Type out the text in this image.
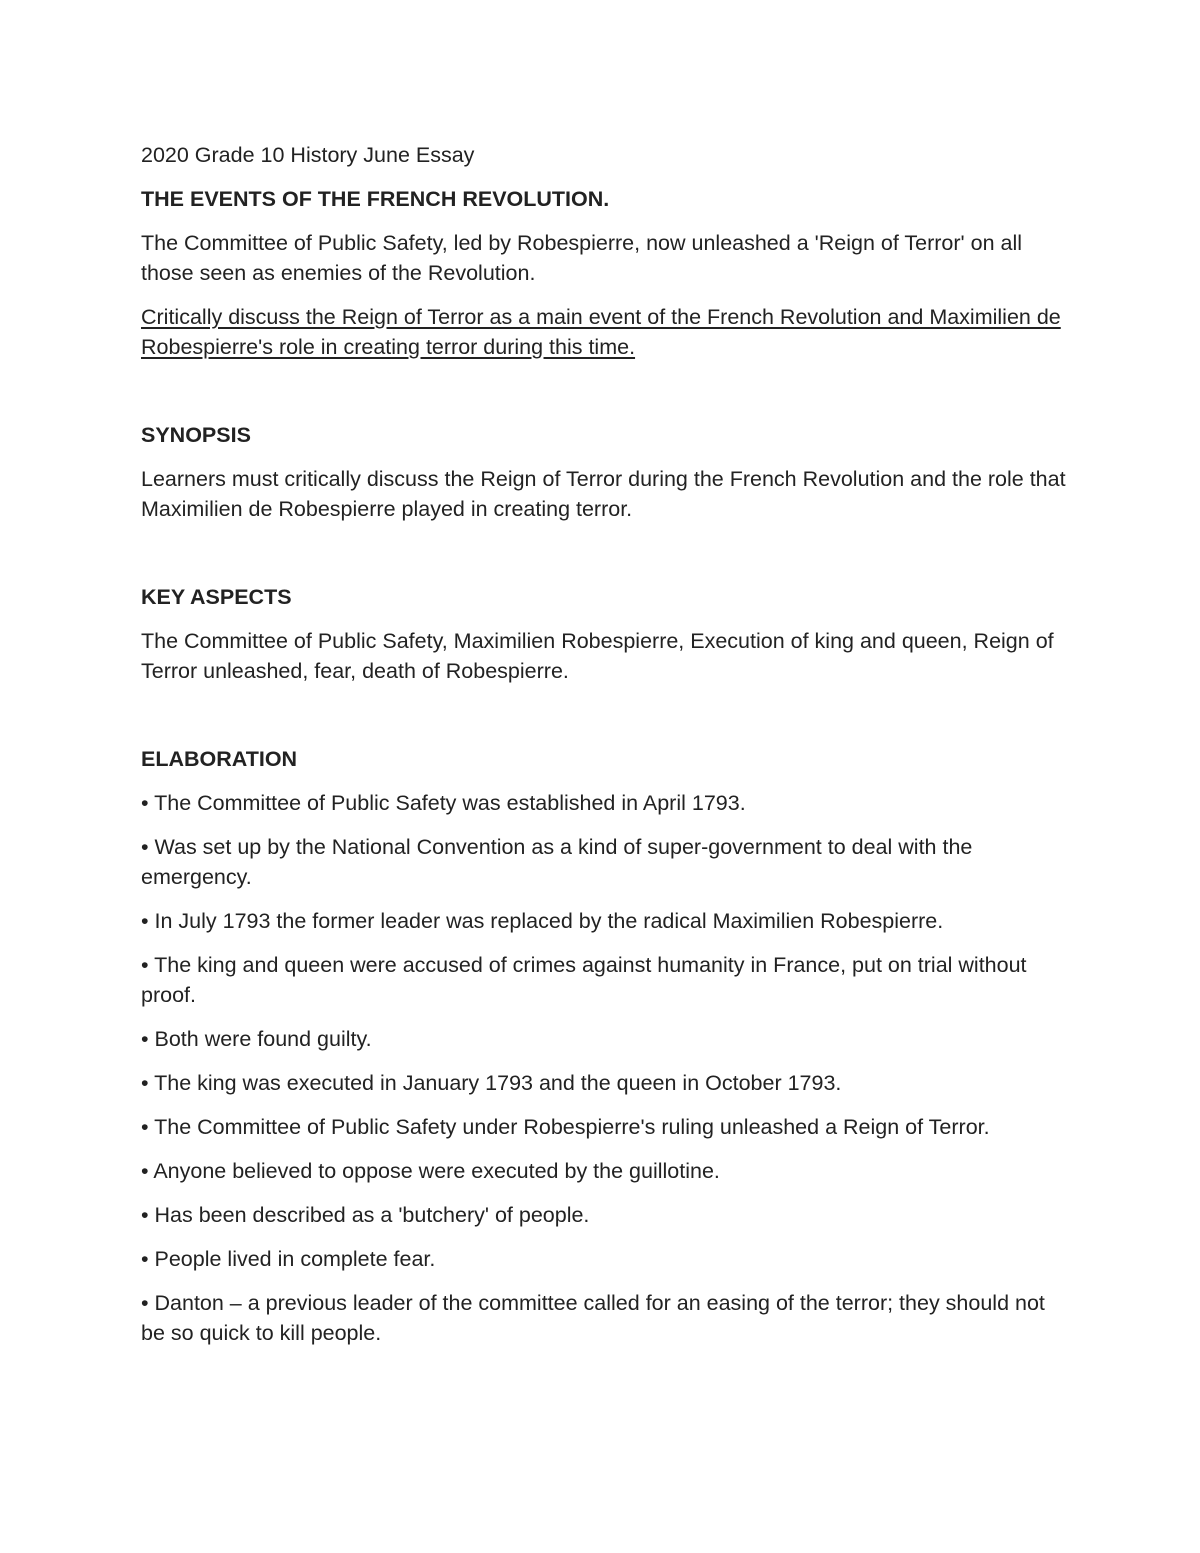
2020 Grade 10 History June Essay

THE EVENTS OF THE FRENCH REVOLUTION.

The Committee of Public Safety, led by Robespierre, now unleashed a 'Reign of Terror' on all those seen as enemies of the Revolution.

Critically discuss the Reign of Terror as a main event of the French Revolution and Maximilien de Robespierre's role in creating terror during this time.

SYNOPSIS

Learners must critically discuss the Reign of Terror during the French Revolution and the role that Maximilien de Robespierre played in creating terror.

KEY ASPECTS

The Committee of Public Safety, Maximilien Robespierre, Execution of king and queen, Reign of Terror unleashed, fear, death of Robespierre.

ELABORATION

• The Committee of Public Safety was established in April 1793.
• Was set up by the National Convention as a kind of super-government to deal with the emergency.
• In July 1793 the former leader was replaced by the radical Maximilien Robespierre.
• The king and queen were accused of crimes against humanity in France, put on trial without proof.
• Both were found guilty.
• The king was executed in January 1793 and the queen in October 1793.
• The Committee of Public Safety under Robespierre's ruling unleashed a Reign of Terror.
• Anyone believed to oppose were executed by the guillotine.
• Has been described as a 'butchery' of people.
• People lived in complete fear.
• Danton – a previous leader of the committee called for an easing of the terror; they should not be so quick to kill people.
